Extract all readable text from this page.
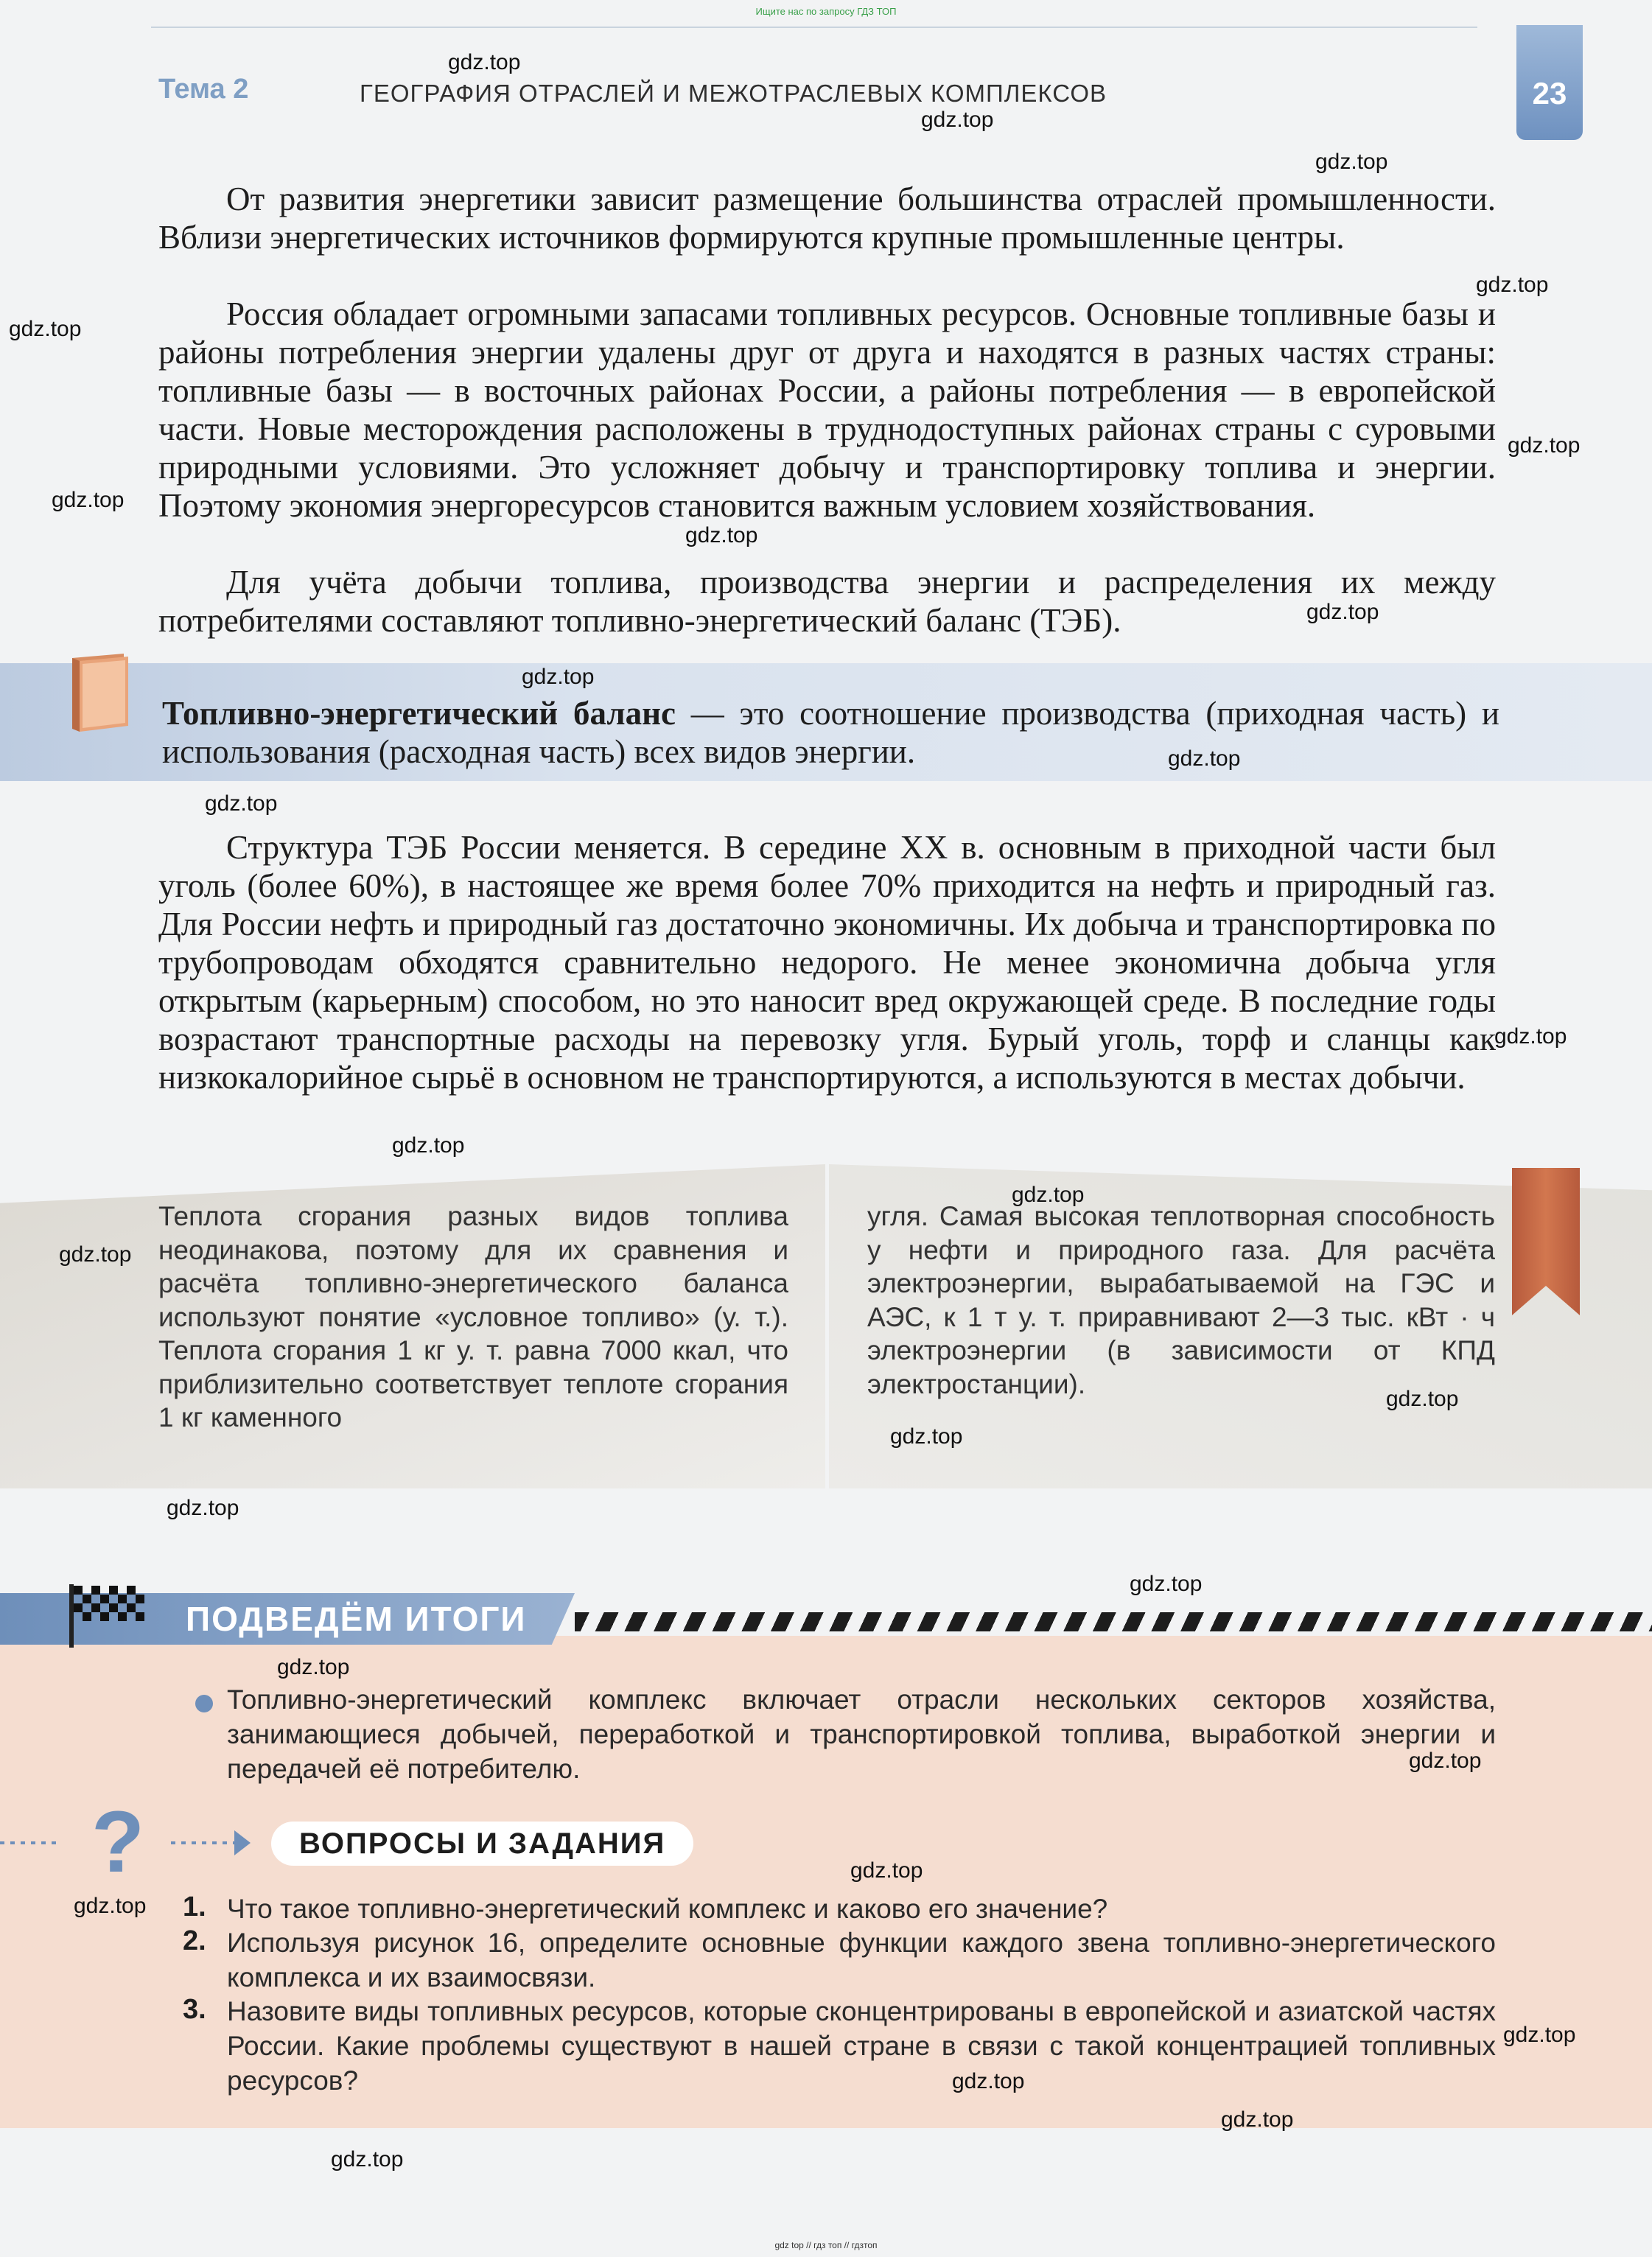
Ищите нас по запросу ГДЗ ТОП
Тема 2	ГЕОГРАФИЯ ОТРАСЛЕЙ И МЕЖОТРАСЛЕВЫХ КОМПЛЕКСОВ	23

От развития энергетики зависит размещение большинства отраслей промышленности. Вблизи энергетических источников формируются крупные промышленные центры.

Россия обладает огромными запасами топливных ресурсов. Основные топливные базы и районы потребления энергии удалены друг от друга и находятся в разных частях страны: топливные базы — в восточных районах России, а районы потребления — в европейской части. Новые месторождения расположены в труднодоступных районах страны с суровыми природными условиями. Это усложняет добычу и транспортировку топлива и энергии. Поэтому экономия энергоресурсов становится важным условием хозяйствования.

Для учёта добычи топлива, производства энергии и распределения их между потребителями составляют топливно-энергетический баланс (ТЭБ).

Топливно-энергетический баланс — это соотношение производства (приходная часть) и использования (расходная часть) всех видов энергии.

Структура ТЭБ России меняется. В середине XX в. основным в приходной части был уголь (более 60%), в настоящее же время более 70% приходится на нефть и природный газ. Для России нефть и природный газ достаточно экономичны. Их добыча и транспортировка по трубопроводам обходятся сравнительно недорого. Не менее экономична добыча угля открытым (карьерным) способом, но это наносит вред окружающей среде. В последние годы возрастают транспортные расходы на перевозку угля. Бурый уголь, торф и сланцы как низкокалорийное сырьё в основном не транспортируются, а используются в местах добычи.

Теплота сгорания разных видов топлива неодинакова, поэтому для их сравнения и расчёта топливно-энергетического баланса используют понятие «условное топливо» (у. т.). Теплота сгорания 1 кг у. т. равна 7000 ккал, что приблизительно соответствует теплоте сгорания 1 кг каменного

угля. Самая высокая теплотворная способность у нефти и природного газа. Для расчёта электроэнергии, вырабатываемой на ГЭС и АЭС, к 1 т у. т. приравнивают 2—3 тыс. кВт · ч электроэнергии (в зависимости от КПД электростанции).

ПОДВЕДЁМ ИТОГИ

Топливно-энергетический комплекс включает отрасли нескольких секторов хозяйства, занимающиеся добычей, переработкой и транспортировкой топлива, выработкой энергии и передачей её потребителю.

?	ВОПРОСЫ И ЗАДАНИЯ
1. Что такое топливно-энергетический комплекс и каково его значение?

2. Используя рисунок 16, определите основные функции каждого звена топливно-энергетического комплекса и их взаимосвязи.

3. Назовите виды топливных ресурсов, которые сконцентрированы в европейской и азиатской частях России. Какие проблемы существуют в нашей стране в связи с такой концентрацией топливных ресурсов?

gdz.top
gdz.top
gdz.top
gdz.top
gdz.top
gdz.top
gdz.top
gdz.top
gdz.top
gdz.top
gdz.top
gdz.top
gdz.top
gdz.top
gdz.top
gdz.top
gdz.top
gdz.top
gdz.top
gdz.top
gdz.top
gdz.top
gdz.top
gdz.top
gdz.top
gdz.top
gdz.top
gdz.top
gdz top // гдз топ // гдзтоп
